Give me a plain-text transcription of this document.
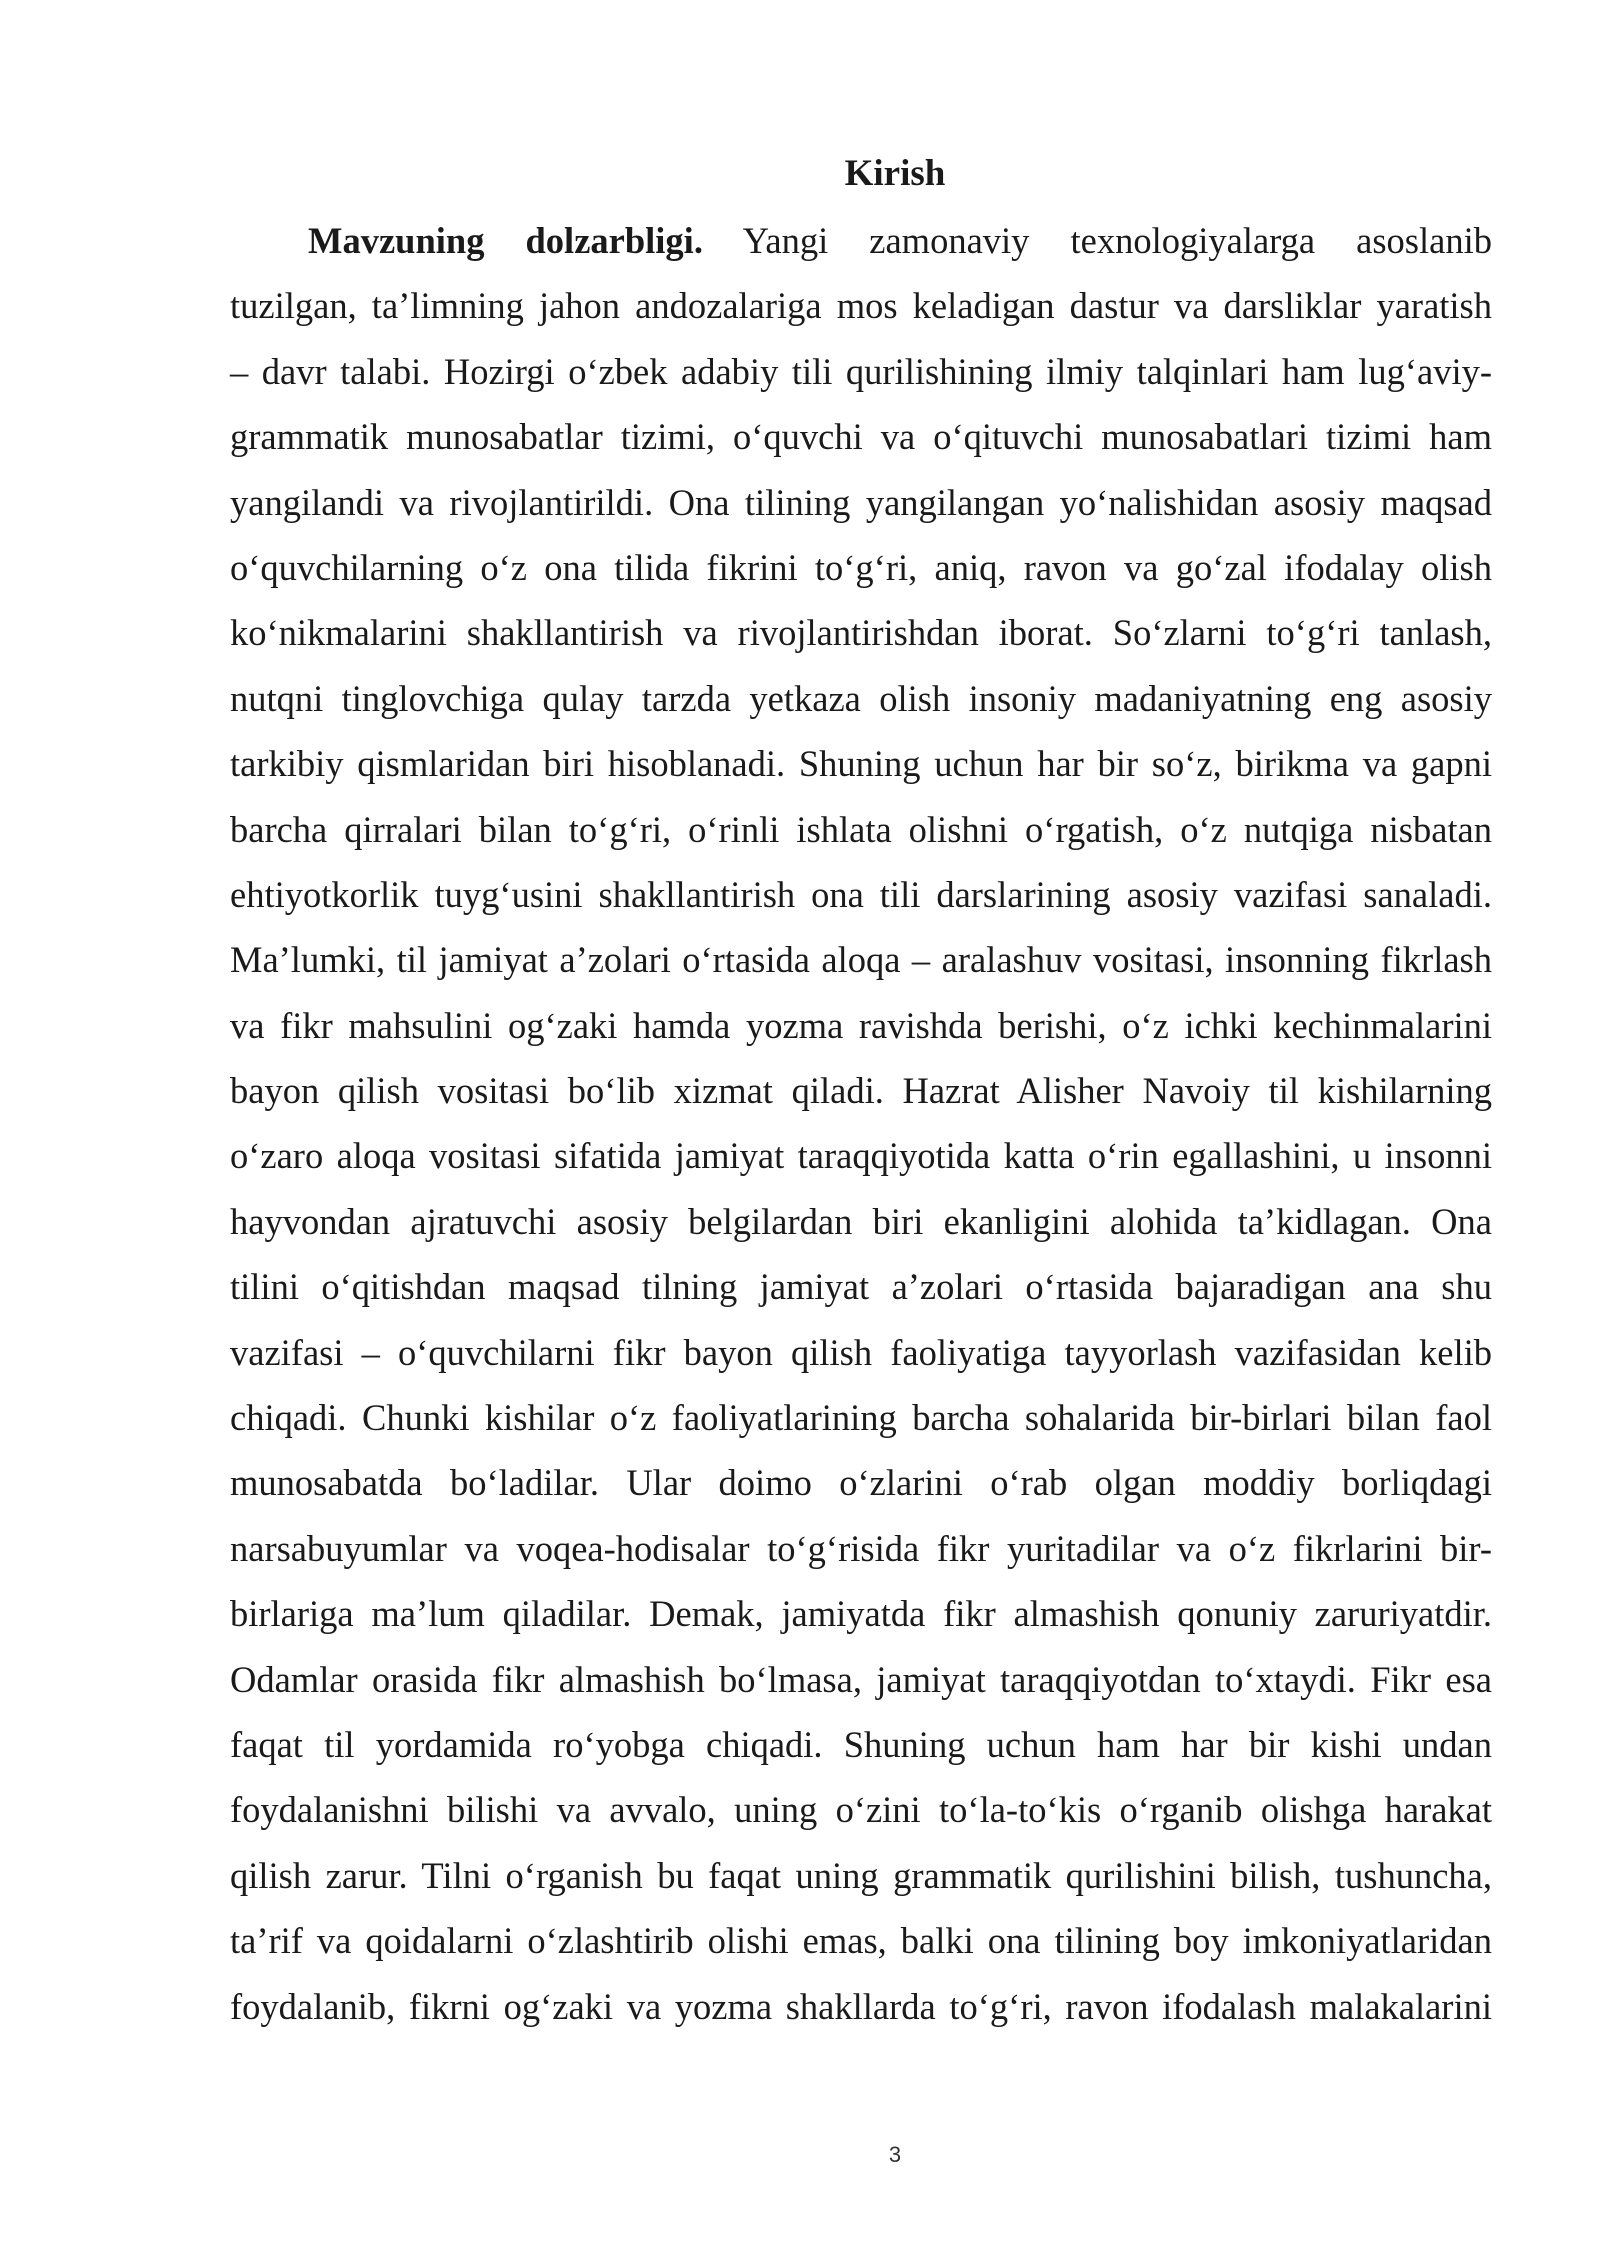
Kirish
Mavzuning dolzarbligi. Yangi zamonaviy texnologiyalarga asoslanib
tuzilgan, ta’limning jahon andozalariga mos keladigan dastur va darsliklar yaratish
– davr talabi. Hozirgi o‘zbek adabiy tili qurilishining ilmiy talqinlari ham lug‘aviy-
grammatik munosabatlar tizimi, o‘quvchi va o‘qituvchi munosabatlari tizimi ham
yangilandi va rivojlantirildi. Ona tilining yangilangan yo‘nalishidan asosiy maqsad
o‘quvchilarning o‘z ona tilida fikrini to‘g‘ri, aniq, ravon va go‘zal ifodalay olish
ko‘nikmalarini shakllantirish va rivojlantirishdan iborat. So‘zlarni to‘g‘ri tanlash,
nutqni tinglovchiga qulay tarzda yetkaza olish insoniy madaniyatning eng asosiy
tarkibiy qismlaridan biri hisoblanadi. Shuning uchun har bir so‘z, birikma va gapni
barcha qirralari bilan to‘g‘ri, o‘rinli ishlata olishni o‘rgatish, o‘z nutqiga nisbatan
ehtiyotkorlik tuyg‘usini shakllantirish ona tili darslarining asosiy vazifasi sanaladi.
Ma’lumki, til jamiyat a’zolari o‘rtasida aloqa – aralashuv vositasi, insonning fikrlash
va fikr mahsulini og‘zaki hamda yozma ravishda berishi, o‘z ichki kechinmalarini
bayon qilish vositasi bo‘lib xizmat qiladi. Hazrat Alisher Navoiy til kishilarning
o‘zaro aloqa vositasi sifatida jamiyat taraqqiyotida katta o‘rin egallashini, u insonni
hayvondan ajratuvchi asosiy belgilardan biri ekanligini alohida ta’kidlagan. Ona
tilini o‘qitishdan maqsad tilning jamiyat a’zolari o‘rtasida bajaradigan ana shu
vazifasi – o‘quvchilarni fikr bayon qilish faoliyatiga tayyorlash vazifasidan kelib
chiqadi. Chunki kishilar o‘z faoliyatlarining barcha sohalarida bir-birlari bilan faol
munosabatda bo‘ladilar. Ular doimo o‘zlarini o‘rab olgan moddiy borliqdagi
narsabuyumlar va voqea-hodisalar to‘g‘risida fikr yuritadilar va o‘z fikrlarini bir-
birlariga ma’lum qiladilar. Demak, jamiyatda fikr almashish qonuniy zaruriyatdir.
Odamlar orasida fikr almashish bo‘lmasa, jamiyat taraqqiyotdan to‘xtaydi. Fikr esa
faqat til yordamida ro‘yobga chiqadi. Shuning uchun ham har bir kishi undan
foydalanishni bilishi va avvalo, uning o‘zini to‘la-to‘kis o‘rganib olishga harakat
qilish zarur. Tilni o‘rganish bu faqat uning grammatik qurilishini bilish, tushuncha,
ta’rif va qoidalarni o‘zlashtirib olishi emas, balki ona tilining boy imkoniyatlaridan
foydalanib, fikrni og‘zaki va yozma shakllarda to‘g‘ri, ravon ifodalash malakalarini
3
